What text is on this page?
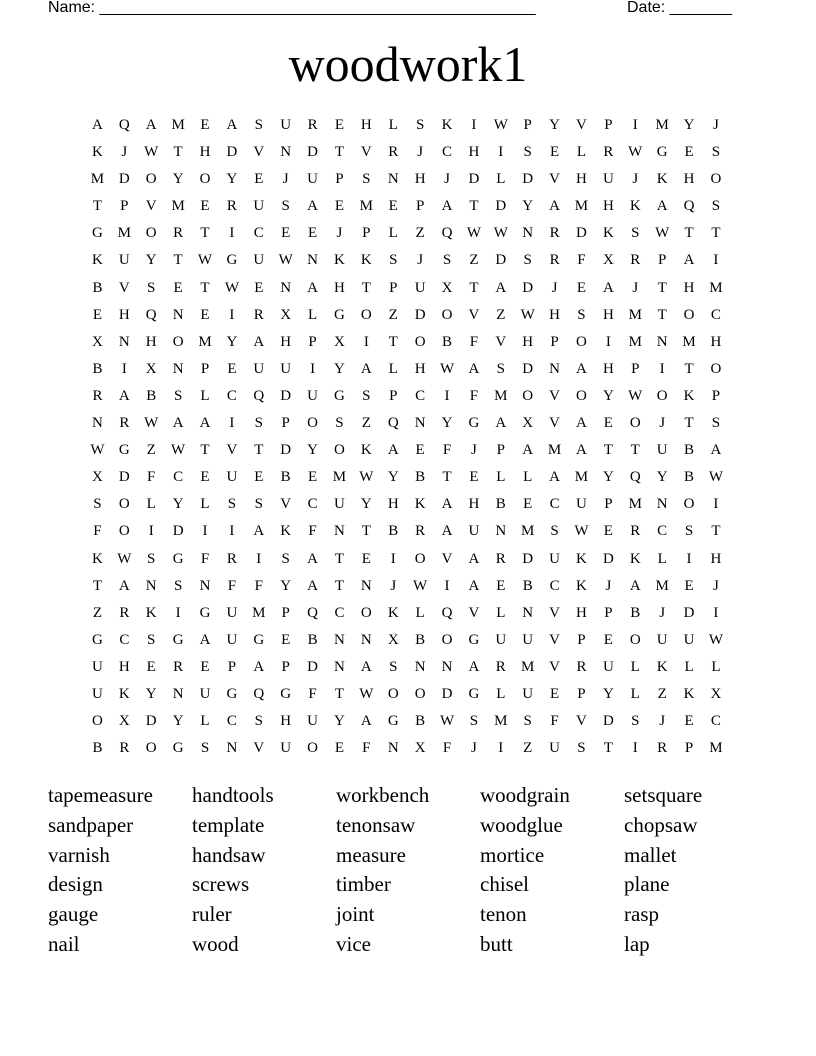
Name: _________________________________________________	Date: _______
woodwork1
A	Q	A M	E	A	S	U	R	E	H	L	S	K	I	W	P	Y	V	P	I	M Y	J
K	J	W	T	H	D	V	N	D	T	V	R	J	C	H	I	S	E	L	R W G	E	S
M D	O	Y	O	Y	E	J	U	P	S	N	H	J	D	L	D	V	H	U	J	K	H	O
T	P	V M	E	R	U	S	A	E	M	E	P	A	T	D	Y	A M H	K	A	Q	S
G M O	R	T	I	C	E	E	J	P	L	Z	Q W W N	R	D	K	S	W	T	T
K	U	Y	T	W G	U W N	K	K	S	J	S	Z	D	S	R	F	X	R	P	A	I
B	V	S	E	T	W	E	N	A	H	T	P	U	X	T	A	D	J	E	A	J	T	H M
E	H	Q	N	E	I	R	X	L	G	O	Z	D	O	V	Z	W H	S	H M	T	O	C
X	N	H	O M Y	A	H	P	X	I	T	O	B	F	V	H	P	O	I	M N M H
B	I	X	N	P	E	U	U	I	Y	A	L	H W A	S	D	N	A	H	P	I	T	O
R	A	B	S	L	C	Q	D	U	G	S	P	C	I	F	M O	V	O	Y W O	K	P
N	R W A	A	I	S	P	O	S	Z	Q	N	Y	G	A	X	V	A	E	O	J	T	S
W G	Z	W	T	V	T	D	Y	O	K	A	E	F	J	P	A M A	T	T	U	B	A
X	D	F	C	E	U	E	B	E	M W Y	B	T	E	L	L	A M Y	Q	Y	B W
S	O	L	Y	L	S	S	V	C	U	Y	H	K	A	H	B	E	C	U	P	M N	O	I
F	O	I	D	I	I	A	K	F	N	T	B	R	A	U	N M	S	W	E	R	C	S	T
K W	S	G	F	R	I	S	A	T	E	I	O	V	A	R	D	U	K	D	K	L	I	H
T	A	N	S	N	F	F	Y	A	T	N	J	W	I	A	E	B	C	K	J	A M	E	J
Z	R	K	I	G	U M	P	Q	C	O	K	L	Q	V	L	N	V	H	P	B	J	D	I
G	C	S	G	A	U	G	E	B	N	N	X	B	O	G	U	U	V	P	E	O	U	U W
U	H	E	R	E	P	A	P	D	N	A	S	N	N	A	R	M V	R	U	L	K	L	L
U	K	Y	N	U	G	Q	G	F	T	W O	O	D	G	L	U	E	P	Y	L	Z	K	X
O	X	D	Y	L	C	S	H	U	Y	A	G	B W	S	M	S	F	V	D	S	J	E	C
B	R	O	G	S	N	V	U	O	E	F	N	X	F	J	I	Z	U	S	T	I	R	P	M
tapemeasure	handtools	workbench	woodgrain	setsquare
sandpaper	template	tenonsaw	woodglue	chopsaw
varnish	handsaw	measure	mortice	mallet
design	screws	timber	chisel	plane
gauge	ruler	joint	tenon	rasp
nail	wood	vice	butt	lap
